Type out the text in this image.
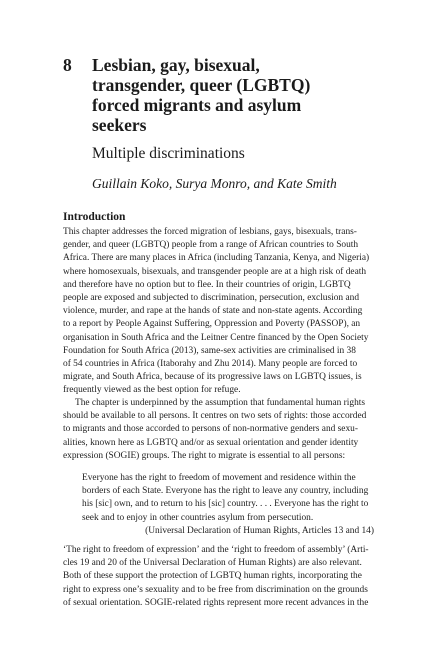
8 Lesbian, gay, bisexual,
transgender, queer (LGBTQ)
forced migrants and asylum
seekers
Multiple discriminations
Guillain Koko, Surya Monro, and Kate Smith
Introduction
This chapter addresses the forced migration of lesbians, gays, bisexuals, trans-
gender, and queer (LGBTQ) people from a range of African countries to South
Africa. There are many places in Africa (including Tanzania, Kenya, and Nigeria)
where homosexuals, bisexuals, and transgender people are at a high risk of death
and therefore have no option but to flee. In their countries of origin, LGBTQ
people are exposed and subjected to discrimination, persecution, exclusion and
violence, murder, and rape at the hands of state and non-state agents. According
to a report by People Against Suffering, Oppression and Poverty (PASSOP), an
organisation in South Africa and the Leitner Centre financed by the Open Society
Foundation for South Africa (2013), same-sex activities are criminalised in 38
of 54 countries in Africa (Itaborahy and Zhu 2014). Many people are forced to
migrate, and South Africa, because of its progressive laws on LGBTQ issues, is
frequently viewed as the best option for refuge.
The chapter is underpinned by the assumption that fundamental human rights
should be available to all persons. It centres on two sets of rights: those accorded
to migrants and those accorded to persons of non-normative genders and sexu-
alities, known here as LGBTQ and/or as sexual orientation and gender identity
expression (SOGIE) groups. The right to migrate is essential to all persons:
Everyone has the right to freedom of movement and residence within the
borders of each State. Everyone has the right to leave any country, including
his [sic] own, and to return to his [sic] country. . . . Everyone has the right to
seek and to enjoy in other countries asylum from persecution.
(Universal Declaration of Human Rights, Articles 13 and 14)
‘The right to freedom of expression’ and the ‘right to freedom of assembly’ (Arti-
cles 19 and 20 of the Universal Declaration of Human Rights) are also relevant.
Both of these support the protection of LGBTQ human rights, incorporating the
right to express one’s sexuality and to be free from discrimination on the grounds
of sexual orientation. SOGIE-related rights represent more recent advances in the
